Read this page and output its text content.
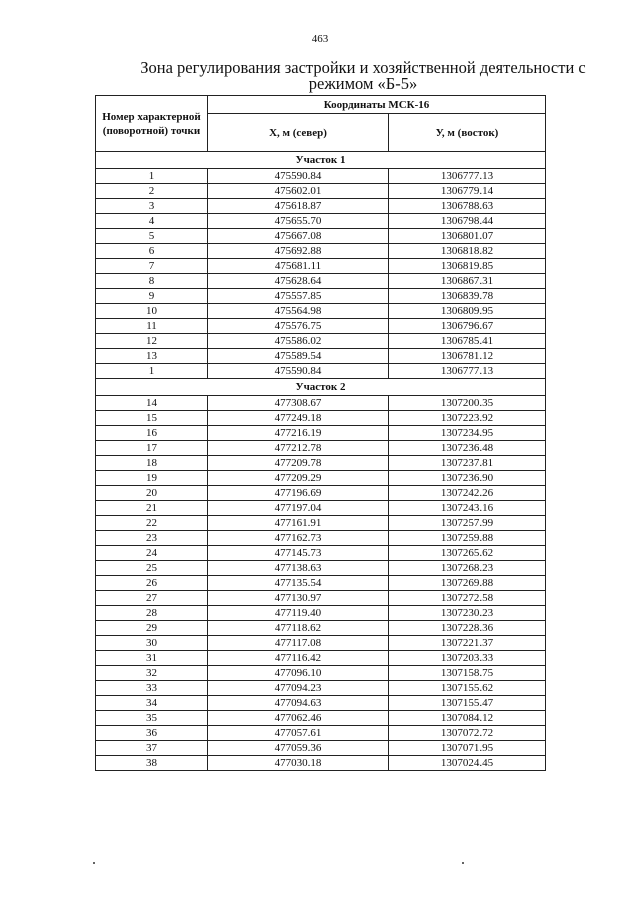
463
Зона регулирования застройки и хозяйственной деятельности с режимом «Б-5»
Номер характерной (поворотной) точки	Координаты МСК-16	
	Х, м (север)	У, м (восток)
Участок 1		
1	475590.84	1306777.13
2	475602.01	1306779.14
3	475618.87	1306788.63
4	475655.70	1306798.44
5	475667.08	1306801.07
6	475692.88	1306818.82
7	475681.11	1306819.85
8	475628.64	1306867.31
9	475557.85	1306839.78
10	475564.98	1306809.95
11	475576.75	1306796.67
12	475586.02	1306785.41
13	475589.54	1306781.12
1	475590.84	1306777.13
Участок 2		
14	477308.67	1307200.35
15	477249.18	1307223.92
16	477216.19	1307234.95
17	477212.78	1307236.48
18	477209.78	1307237.81
19	477209.29	1307236.90
20	477196.69	1307242.26
21	477197.04	1307243.16
22	477161.91	1307257.99
23	477162.73	1307259.88
24	477145.73	1307265.62
25	477138.63	1307268.23
26	477135.54	1307269.88
27	477130.97	1307272.58
28	477119.40	1307230.23
29	477118.62	1307228.36
30	477117.08	1307221.37
31	477116.42	1307203.33
32	477096.10	1307158.75
33	477094.23	1307155.62
34	477094.63	1307155.47
35	477062.46	1307084.12
36	477057.61	1307072.72
37	477059.36	1307071.95
38	477030.18	1307024.45
